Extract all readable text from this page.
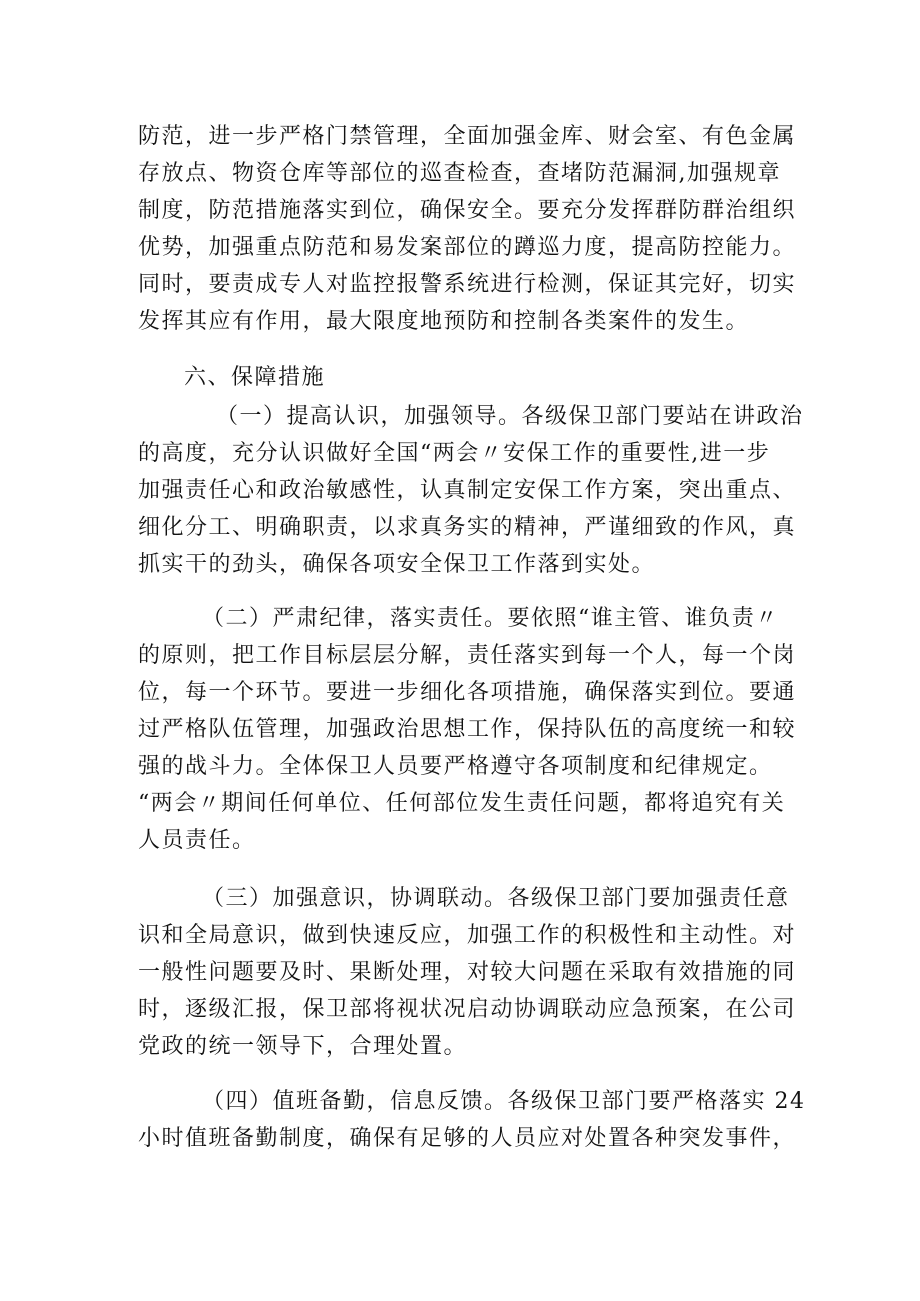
防范，进一步严格门禁管理，全面加强金库、财会室、有色金属
存放点、物资仓库等部位的巡查检查，查堵防范漏洞,加强规章
制度，防范措施落实到位，确保安全。要充分发挥群防群治组织
优势，加强重点防范和易发案部位的蹲巡力度，提高防控能力。
同时，要责成专人对监控报警系统进行检测，保证其完好，切实
发挥其应有作用，最大限度地预防和控制各类案件的发生。
六、保障措施
（一）提高认识，加强领导。各级保卫部门要站在讲政治
的高度，充分认识做好全国“两会〃安保工作的重要性,进一步
加强责任心和政治敏感性，认真制定安保工作方案，突出重点、
细化分工、明确职责，以求真务实的精神，严谨细致的作风，真
抓实干的劲头，确保各项安全保卫工作落到实处。
（二）严肃纪律，落实责任。要依照“谁主管、谁负责〃
的原则，把工作目标层层分解，责任落实到每一个人，每一个岗
位，每一个环节。要进一步细化各项措施，确保落实到位。要通
过严格队伍管理，加强政治思想工作，保持队伍的高度统一和较
强的战斗力。全体保卫人员要严格遵守各项制度和纪律规定。
“两会〃期间任何单位、任何部位发生责任问题，都将追究有关
人员责任。
（三）加强意识，协调联动。各级保卫部门要加强责任意
识和全局意识，做到快速反应，加强工作的积极性和主动性。对
一般性问题要及时、果断处理，对较大问题在采取有效措施的同
时，逐级汇报，保卫部将视状况启动协调联动应急预案，在公司
党政的统一领导下，合理处置。
（四）值班备勤，信息反馈。各级保卫部门要严格落实 24
小时值班备勤制度，确保有足够的人员应对处置各种突发事件，
